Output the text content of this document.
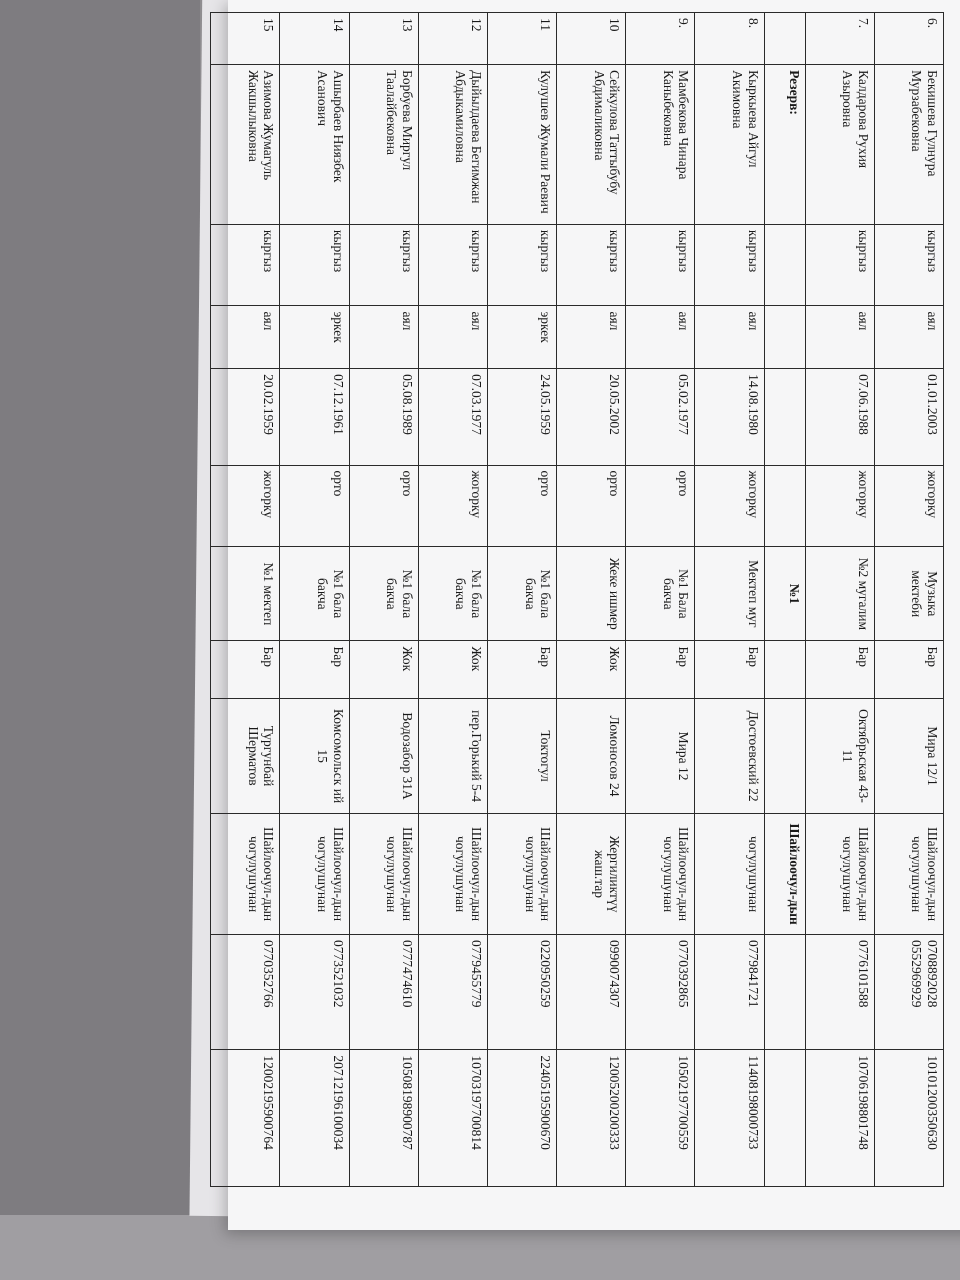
6.	Бекишева Гулнура Мурзабековна	кыргыз	аял	01.01.2003	жогорку	Музыка мектеби	Бар	Мира 12/1	Шайлоочул-дын чогулушунан	0708892028 0552969929	10101200350630
7.	Калдарова Рухия Азыровна	кыргыз	аял	07.06.1988	жогорку	№2 мугалим	Бар	Октябрьская 43-11	Шайлоочул-дын чогулушунан	0776101588	10706198801748
	Резерв:					№1			Шайлоочул-дын		
8.	Кыркыева Айгул Акимовна	кыргыз	аял	14.08.1980	жогорку	Мектеп муг	Бар	Достоевский 22	чогулушунан	0779841721	11408198000733
9.	Мамбекова Чинара Каныбековна	кыргыз	аял	05.02.1977	орто	№1 Бала бакча	Бар	Мира 12	Шайлоочул-дын чогулушунан	0770392865	10502197700559
10	Сейкулова Таттыбубу Абдималиковна	кыргыз	аял	20.05.2002	орто	Жеке ишмер	Жок	Ломоносов 24	Жергиликтүү жаш.тар	0990074307	12005200200333
11	Кулушев Жумали Раевич	кыргыз	эркек	24.05.1959	орто	№1 бала бакча	Бар	Токтогул	Шайлоочул-дын чогулушунан	0220950259	22405195900670
12	Дыйылдаева Бегимжан Абдыкамиловна	кыргыз	аял	07.03.1977	жогорку	№1 бала бакча	Жок	пер.Горький 5-4	Шайлоочул-дын чогулушунан	0779455779	10703197700814
13	Борбуева Миргул Таалайбековна	кыргыз	аял	05.08.1989	орто	№1 бала бакча	Жок	Водозабор 31А	Шайлоочул-дын чогулушунан	0777474610	10508198900787
14	Ашырбаев Ниязбек Асанович	кыргыз	эркек	07.12.1961	орто	№1 бала бакча	Бар	Комсомольск ий 15	Шайлоочул-дын чогулушунан	0773521032	20712196100034
15	Азимова Жумагуль Жакшылыковна	кыргыз	аял	20.02.1959	жогорку	№1 мектеп	Бар	Тургунбай Шерматов	Шайлоочул-дын чогулушунан	0770352766	12002195900764
